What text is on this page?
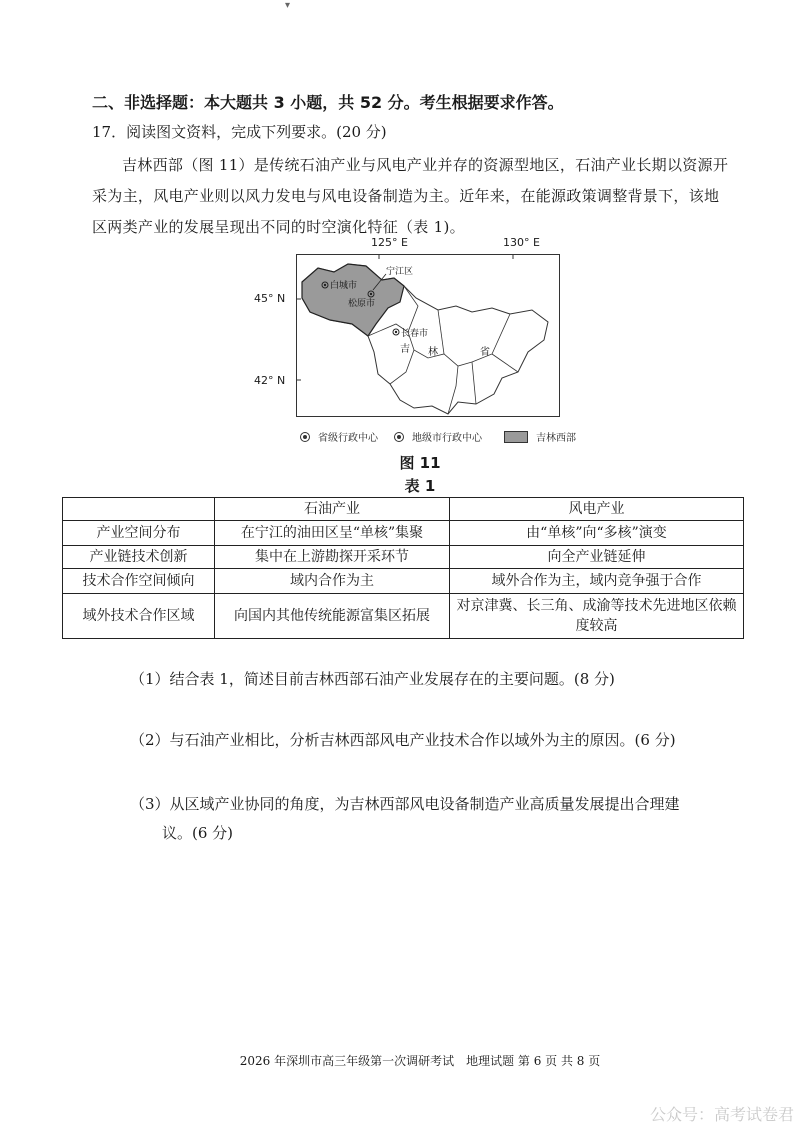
▾
二、非选择题：本大题共 3 小题，共 52 分。考生根据要求作答。
17．阅读图文资料，完成下列要求。(20 分)
吉林西部（图 11）是传统石油产业与风电产业并存的资源型地区，石油产业长期以资源开采为主，风电产业则以风力发电与风电设备制造为主。近年来，在能源政策调整背景下，该地区两类产业的发展呈现出不同的时空演化特征（表 1)。
125° E	130° E
45° N
42° N
宁江区
白城市
松原市
长春市
吉 林	省
省级行政中心	地级市行政中心	吉林西部
图 11
表 1
	石油产业	风电产业
产业空间分布	在宁江的油田区呈“单核”集聚	由“单核”向“多核”演变
产业链技术创新	集中在上游勘探开采环节	向全产业链延伸
技术合作空间倾向	域内合作为主	域外合作为主，域内竞争强于合作
域外技术合作区域	向国内其他传统能源富集区拓展	对京津冀、长三角、成渝等技术先进地区依赖度较高
（1）结合表 1，简述目前吉林西部石油产业发展存在的主要问题。(8 分)
（2）与石油产业相比，分析吉林西部风电产业技术合作以域外为主的原因。(6 分)
（3）从区域产业协同的角度，为吉林西部风电设备制造产业高质量发展提出合理建
议。(6 分)
2026 年深圳市高三年级第一次调研考试　地理试题 第 6 页 共 8 页
公众号：高考试卷君
